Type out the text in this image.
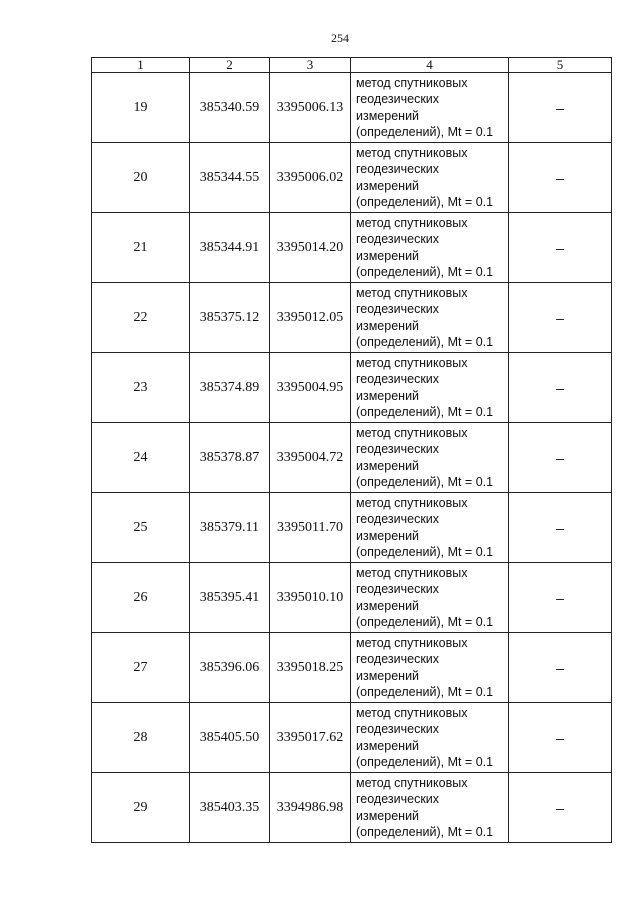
254
1	2	3	4	5
19	385340.59	3395006.13	метод спутниковых
геодезических
измерений
(определений), Mt = 0.1	–
20	385344.55	3395006.02	метод спутниковых
геодезических
измерений
(определений), Mt = 0.1	–
21	385344.91	3395014.20	метод спутниковых
геодезических
измерений
(определений), Mt = 0.1	–
22	385375.12	3395012.05	метод спутниковых
геодезических
измерений
(определений), Mt = 0.1	–
23	385374.89	3395004.95	метод спутниковых
геодезических
измерений
(определений), Mt = 0.1	–
24	385378.87	3395004.72	метод спутниковых
геодезических
измерений
(определений), Mt = 0.1	–
25	385379.11	3395011.70	метод спутниковых
геодезических
измерений
(определений), Mt = 0.1	–
26	385395.41	3395010.10	метод спутниковых
геодезических
измерений
(определений), Mt = 0.1	–
27	385396.06	3395018.25	метод спутниковых
геодезических
измерений
(определений), Mt = 0.1	–
28	385405.50	3395017.62	метод спутниковых
геодезических
измерений
(определений), Mt = 0.1	–
29	385403.35	3394986.98	метод спутниковых
геодезических
измерений
(определений), Mt = 0.1	–
